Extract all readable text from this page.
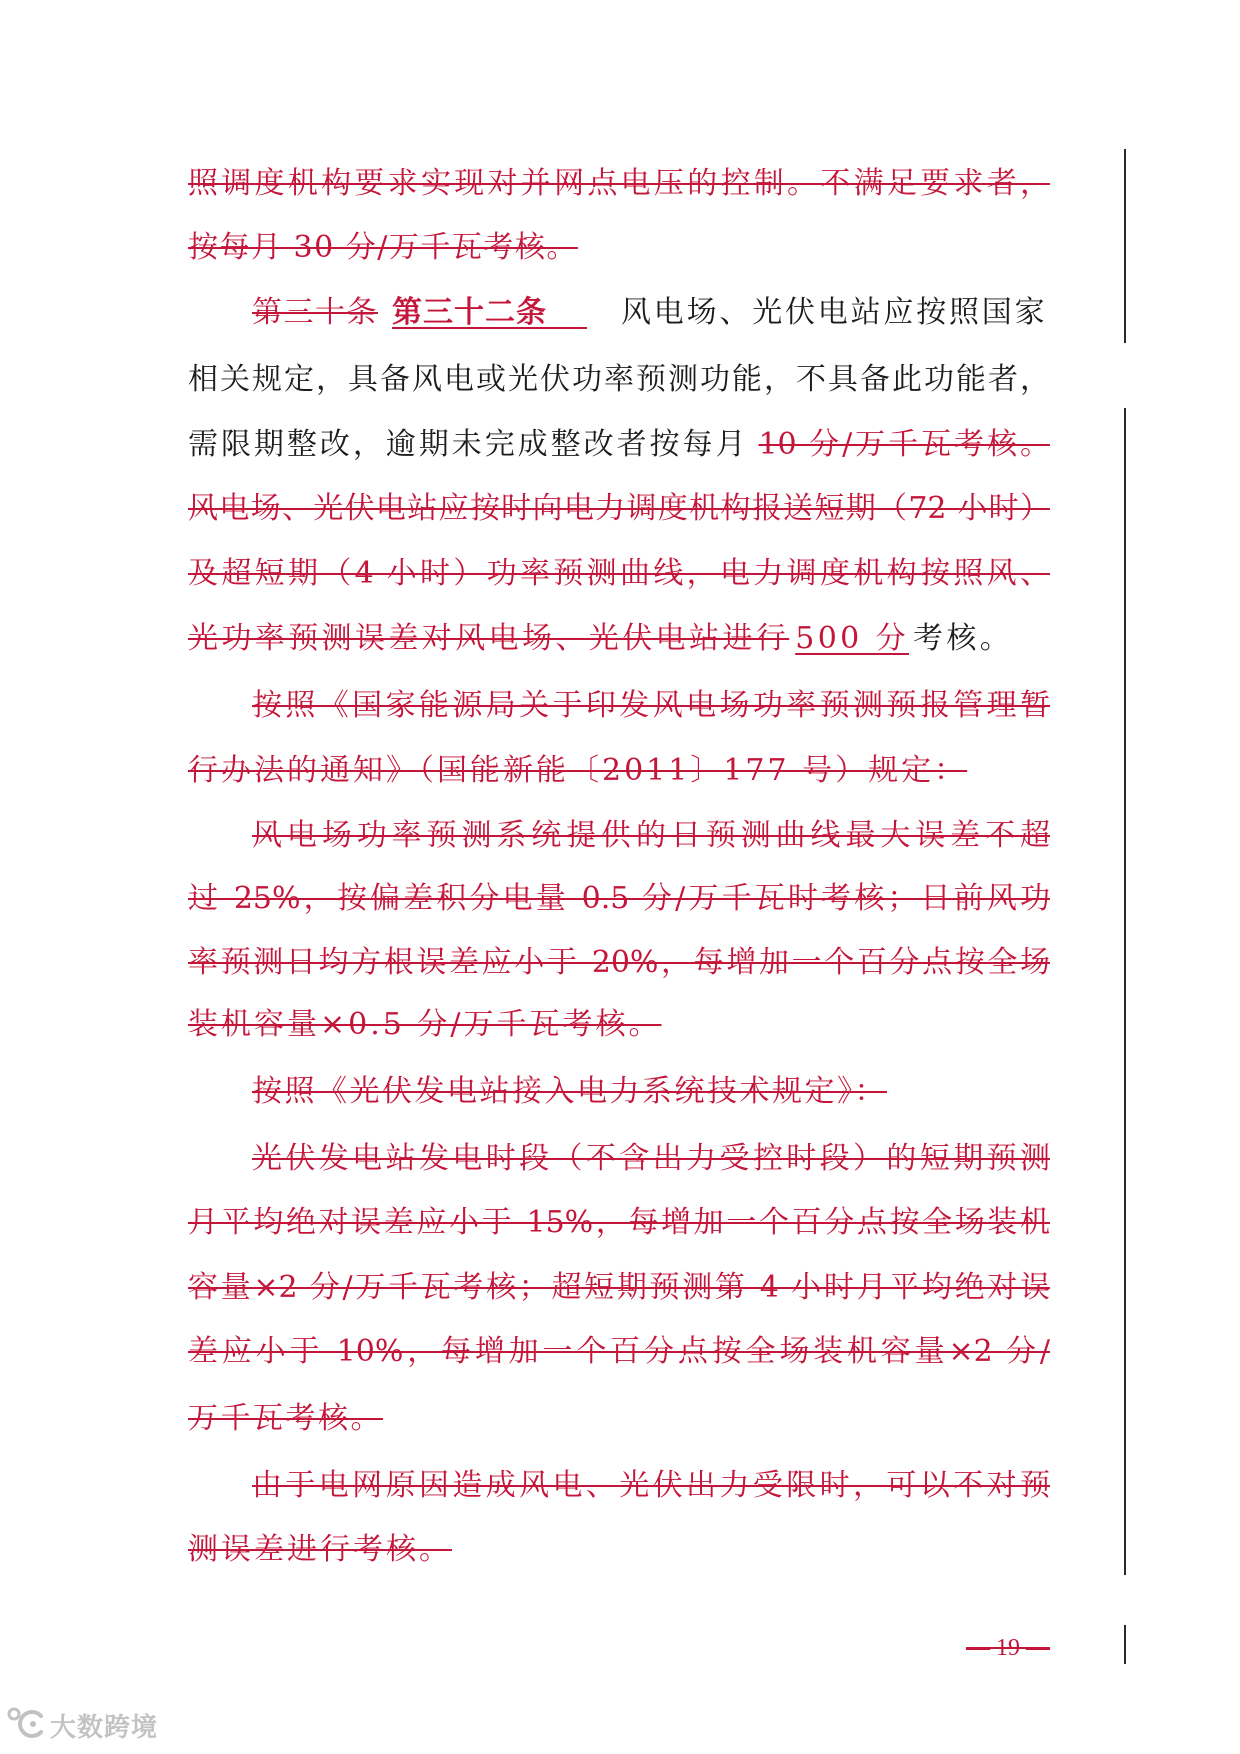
照调度机构要求实现对并网点电压的控制。不满足要求者，
按每月 30 分/万千瓦考核。
第三十条 第三十二条 风电场、光伏电站应按照国家
相关规定，具备风电或光伏功率预测功能，不具备此功能者，
需限期整改，逾期未完成整改者按每月 10 分/万千瓦考核。
风电场、光伏电站应按时向电力调度机构报送短期（72 小时）
及超短期（4 小时）功率预测曲线，电力调度机构按照风、
光功率预测误差对风电场、光伏电站进行 500 分 考核。
按照《国家能源局关于印发风电场功率预测预报管理暂
行办法的通知》（国能新能〔2011〕177 号）规定：
风电场功率预测系统提供的日预测曲线最大误差不超
过 25%，按偏差积分电量 0.5 分/万千瓦时考核；日前风功
率预测日均方根误差应小于 20%，每增加一个百分点按全场
装机容量×0.5 分/万千瓦考核。
按照《光伏发电站接入电力系统技术规定》：
光伏发电站发电时段（不含出力受控时段）的短期预测
月平均绝对误差应小于 15%，每增加一个百分点按全场装机
容量×2 分/万千瓦考核；超短期预测第 4 小时月平均绝对误
差应小于 10%，每增加一个百分点按全场装机容量×2 分/
万千瓦考核。
由于电网原因造成风电、光伏出力受限时，可以不对预
测误差进行考核。
— 19 —
大数跨境
